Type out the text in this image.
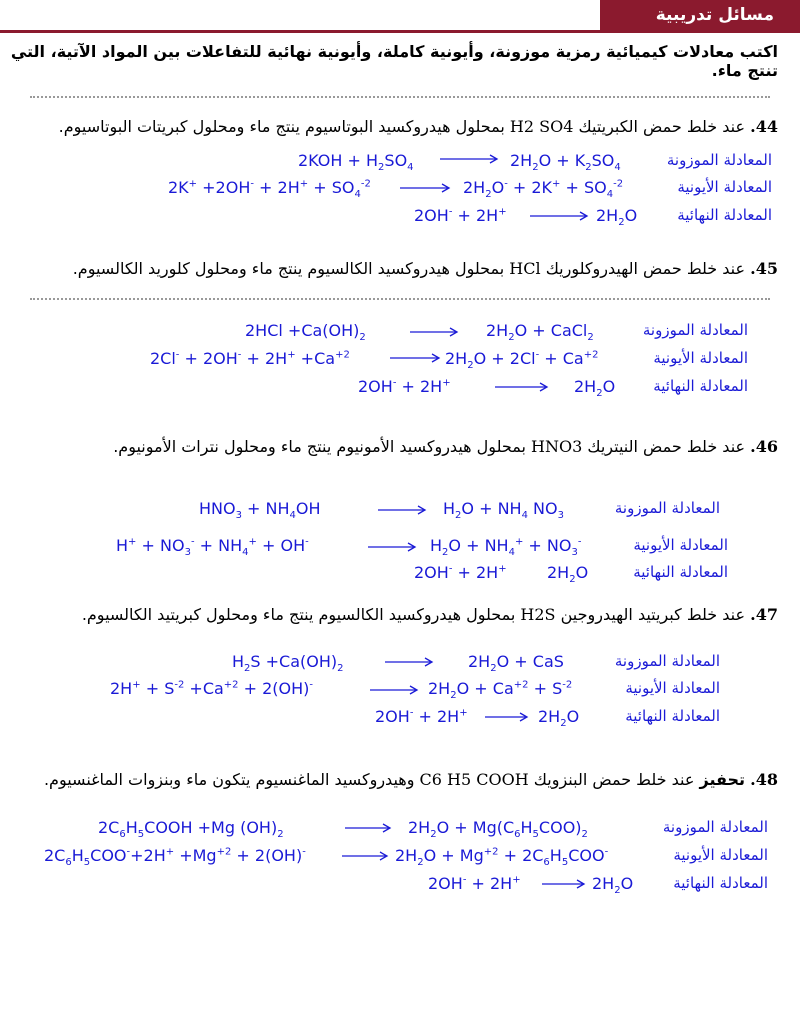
مسائل تدريبية
اكتب معادلات كيميائية رمزية موزونة، وأيونية كاملة، وأيونية نهائية للتفاعلات بين المواد الآتية، التي تنتج ماء.
44. عند خلط حمض الكبريتيك H2 SO4 بمحلول هيدروكسيد البوتاسيوم ينتج ماء ومحلول كبريتات البوتاسيوم.
المعادلة الموزونة
$2KOH + H_2SO_4$	$2H_2O + K_2SO_4$
المعادلة الأيونية
$2K^+ +2OH^- + 2H^+ + SO_4^{-2}$	$2H_2O^- + 2K^+ + SO_4^{-2}$
المعادلة النهائية
2OH- + 2H+	$2H_2O$
45. عند خلط حمض الهيدروكلوريك HCl بمحلول هيدروكسيد الكالسيوم ينتج ماء ومحلول كلوريد الكالسيوم.
المعادلة الموزونة
$2HCl +Ca(OH)_2$	$2H_2O$ + CaCl$_2$
المعادلة الأيونية
$2Cl^- + 2OH^- + 2H^+ +Ca^{+2}$	$2H_2O + 2Cl^- + Ca^{+2}$
المعادلة النهائية
2OH- + 2H+	$2H_2O$
46. عند خلط حمض النيتريك HNO3 بمحلول هيدروكسيد الأمونيوم ينتج ماء ومحلول نترات الأمونيوم.
المعادلة الموزونة
$HNO_3 + NH_4OH$	$H_2O + NH_4$ $NO_3$
المعادلة الأيونية
$H^+ + NO_3^- + NH_4^+ + OH^-$	$H_2O + NH_4^+ + NO_3^-$
المعادلة النهائية
2OH- + 2H+	$2H_2O$
47. عند خلط كبريتيد الهيدروجين H2S بمحلول هيدروكسيد الكالسيوم ينتج ماء ومحلول كبريتيد الكالسيوم.
المعادلة الموزونة
$H_2S +Ca(OH)_2$	$2H_2O$ + CaS
المعادلة الأيونية
$2H^+ + S^{-2} +Ca^{+2} + 2(OH)^-$	$2H_2O + Ca^{+2} + S^{-2}$
المعادلة النهائية
2OH- + 2H+	$2H_2O$
48. تحفيز عند خلط حمض البنزويك C6 H5 COOH وهيدروكسيد الماغنسيوم يتكون ماء وبنزوات الماغنسيوم.
المعادلة الموزونة
$2C_6H_5COOH +Mg$ $(OH)_2$	$2H_2O + Mg(C_6H_5COO)_2$
المعادلة الأيونية
$2C_6H_5COO^-+2H^+ +Mg^{+2} + 2(OH)^-$	$2H_2O + Mg^{+2} + 2C_6H_5COO^-$
المعادلة النهائية
2OH- + 2H+	$2H_2O$
